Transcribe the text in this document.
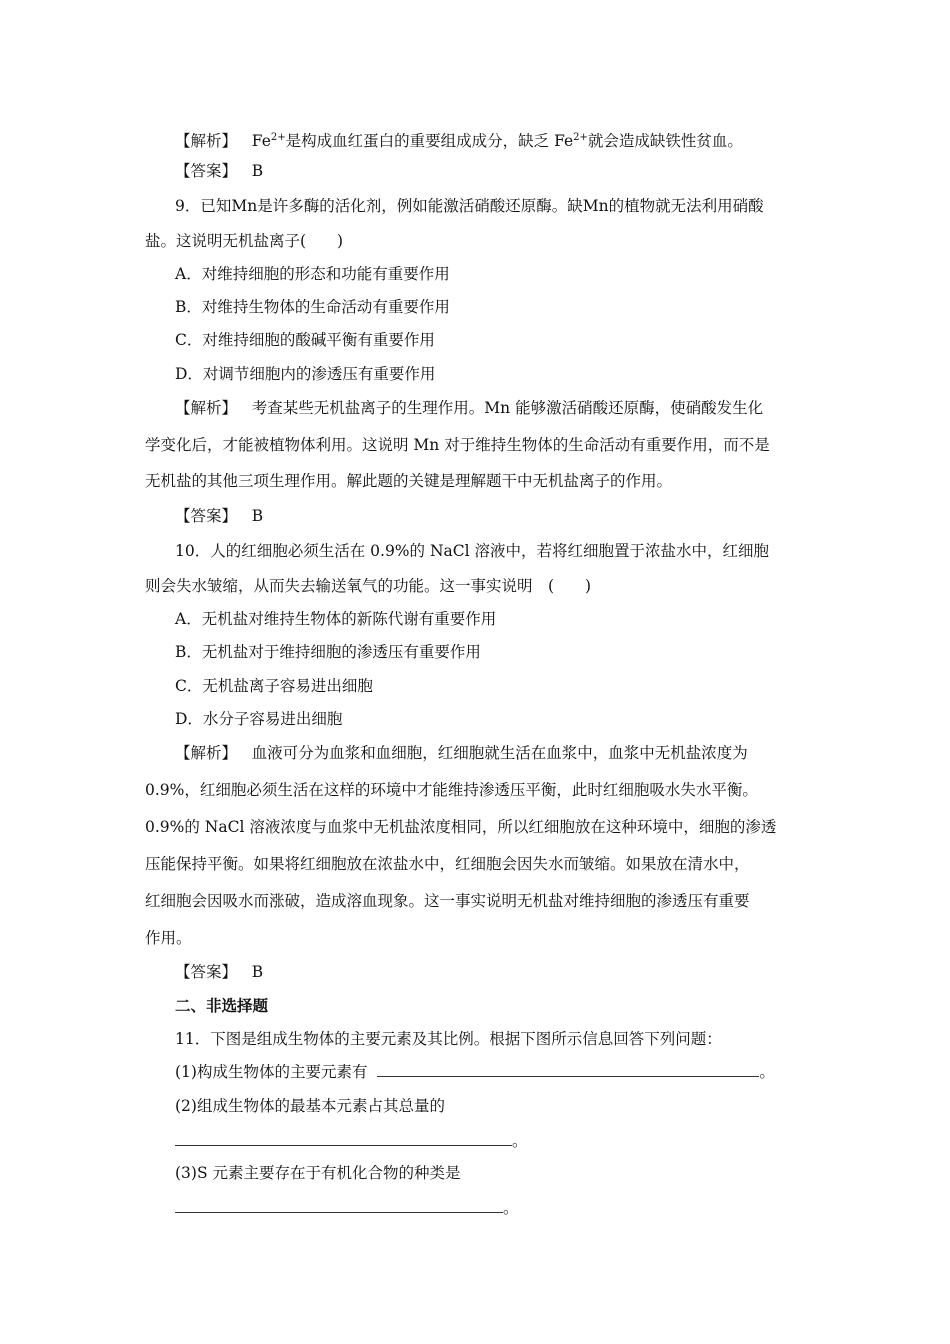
【解析】 $Fe^{2+}$是构成血红蛋白的重要组成成分，缺乏 $Fe^{2+}$就会造成缺铁性贫血。
【答案】 B
9．已知Mn是许多酶的活化剂，例如能激活硝酸还原酶。缺Mn的植物就无法利用硝酸
盐。这说明无机盐离子(　　)
A．对维持细胞的形态和功能有重要作用
B．对维持生物体的生命活动有重要作用
C．对维持细胞的酸碱平衡有重要作用
D．对调节细胞内的渗透压有重要作用
【解析】 考查某些无机盐离子的生理作用。Mn 能够激活硝酸还原酶，使硝酸发生化
学变化后，才能被植物体利用。这说明 Mn 对于维持生物体的生命活动有重要作用，而不是
无机盐的其他三项生理作用。解此题的关键是理解题干中无机盐离子的作用。
【答案】 B
10．人的红细胞必须生活在 0.9%的 NaCl 溶液中，若将红细胞置于浓盐水中，红细胞
则会失水皱缩，从而失去输送氧气的功能。这一事实说明　(　　)
A．无机盐对维持生物体的新陈代谢有重要作用
B．无机盐对于维持细胞的渗透压有重要作用
C．无机盐离子容易进出细胞
D．水分子容易进出细胞
【解析】 血液可分为血浆和血细胞，红细胞就生活在血浆中，血浆中无机盐浓度为
0.9%，红细胞必须生活在这样的环境中才能维持渗透压平衡，此时红细胞吸水失水平衡。
0.9%的 NaCl 溶液浓度与血浆中无机盐浓度相同，所以红细胞放在这种环境中，细胞的渗透
压能保持平衡。如果将红细胞放在浓盐水中，红细胞会因失水而皱缩。如果放在清水中，
红细胞会因吸水而涨破，造成溶血现象。这一事实说明无机盐对维持细胞的渗透压有重要
作用。
【答案】 B
二、非选择题
11．下图是组成生物体的主要元素及其比例。根据下图所示信息回答下列问题：
(1)构成生物体的主要元素有	。
(2)组成生物体的最基本元素占其总量的
。
(3)S 元素主要存在于有机化合物的种类是
。
